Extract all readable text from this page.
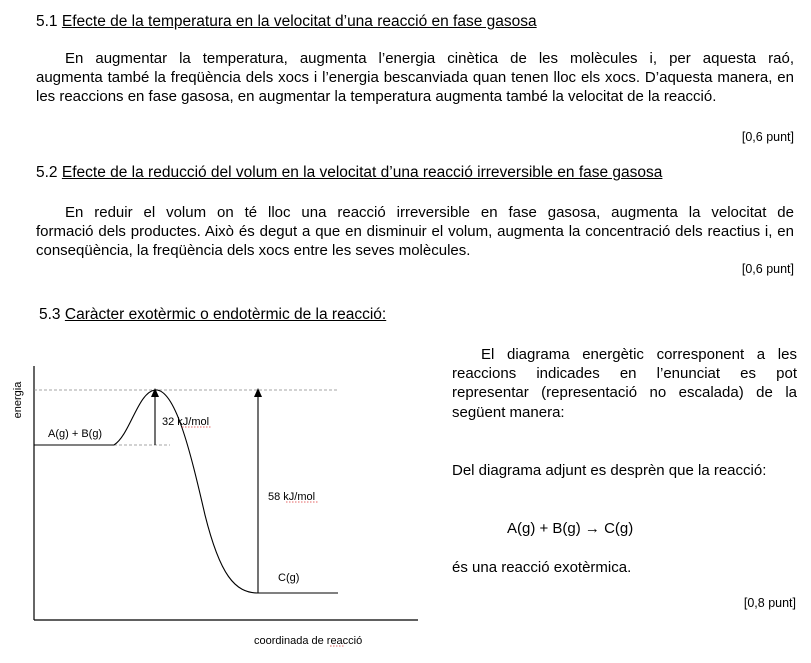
5.1 Efecte de la temperatura en la velocitat d’una reacció en fase gasosa
En augmentar la temperatura, augmenta l’energia cinètica de les molècules i, per aquesta raó,
augmenta també la freqüència dels xocs i l’energia bescanviada quan tenen lloc els xocs. D’aquesta manera, en les reaccions en fase gasosa, en augmentar la temperatura augmenta també la velocitat de la reacció.
[0,6 punt]
5.2 Efecte de la reducció del volum en la velocitat d’una reacció irreversible en fase gasosa
En reduir el volum on té lloc una reacció irreversible en fase gasosa, augmenta la velocitat de
formació dels productes. Això és degut a que en disminuir el volum, augmenta la concentració dels reactius i, en conseqüència, la freqüència dels xocs entre les seves molècules.
[0,6 punt]
5.3 Caràcter exotèrmic o endotèrmic de la reacció:
energia
coordinada de reacció
A(g) + B(g)
32 kJ/mol
58 kJ/mol
C(g)
El diagrama energètic corresponent a les
reaccions indicades en l’enunciat es pot representar (representació no escalada) de la següent manera:
Del diagrama adjunt es desprèn que la reacció:
A(g) + B(g) → C(g)
és una reacció exotèrmica.
[0,8 punt]
